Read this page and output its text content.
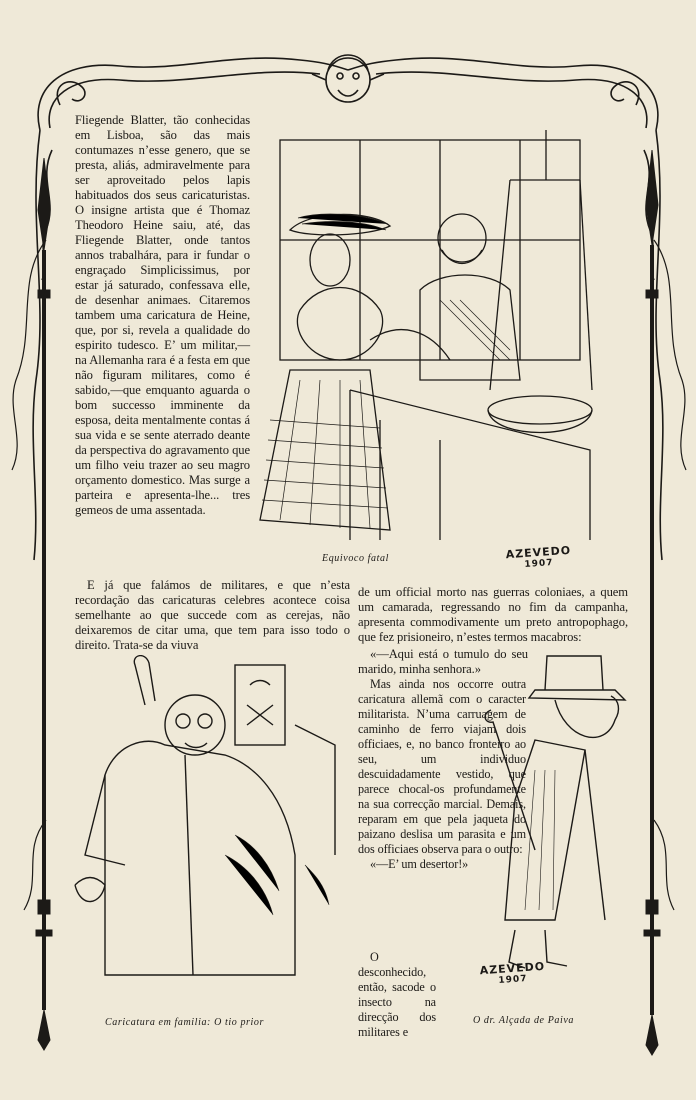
Fliegende Blatter, tão conhecidas em Lisboa, são das mais contumazes n’esse genero, que se presta, aliás, admiravelmente para ser aproveitado pelos lapis habituados dos seus caricaturistas. O insigne artista que é Thomaz Theodoro Heine saiu, até, das Fliegende Blatter, onde tantos annos trabalhára, para ir fundar o engraçado Simplicissimus, por estar já saturado, confessava elle, de desenhar animaes. Citaremos tambem uma caricatura de Heine, que, por si, revela a qualidade do espirito tudesco. E’ um militar,—na Allemanha rara é a festa em que não figuram militares, como é sabido,—que emquanto aguarda o bom successo imminente da esposa, deita mentalmente contas á sua vida e se sente aterrado deante da perspectiva do agravamento que um filho veiu trazer ao seu magro orçamento domestico. Mas surge a parteira e apresenta-lhe... tres gemeos de uma assentada.

Equivoco fatal	AZEVEDO
1907

E já que falámos de militares, e que n’esta recordação das caricaturas celebres acontece coisa semelhante ao que succede com as cerejas, não deixaremos de citar uma, que tem para isso todo o direito. Trata-se da viuva

de um official morto nas guerras coloniaes, a quem um camarada, regressando no fim da campanha, apresenta commodivamente um preto antropophago, que fez prisioneiro, n’estes termos macabros:

«—Aqui está o tumulo do seu marido, minha senhora.»

Mas ainda nos occorre outra caricatura allemã com o caracter militarista. N’uma carruagem de caminho de ferro viajam dois officiaes, e, no banco fronteiro ao seu, um individuo descuidadamente vestido, que parece chocal-os profundamente na sua correcção marcial. Demais, reparam em que pela jaqueta do paizano deslisa um parasita e um dos officiaes observa para o outro:

«—E’ um desertor!»

O desconhecido, então, sacode o insecto na direcção dos militares e

Caricatura em familia: O tio prior
AZEVEDO
1907
O dr. Alçada de Paiva
